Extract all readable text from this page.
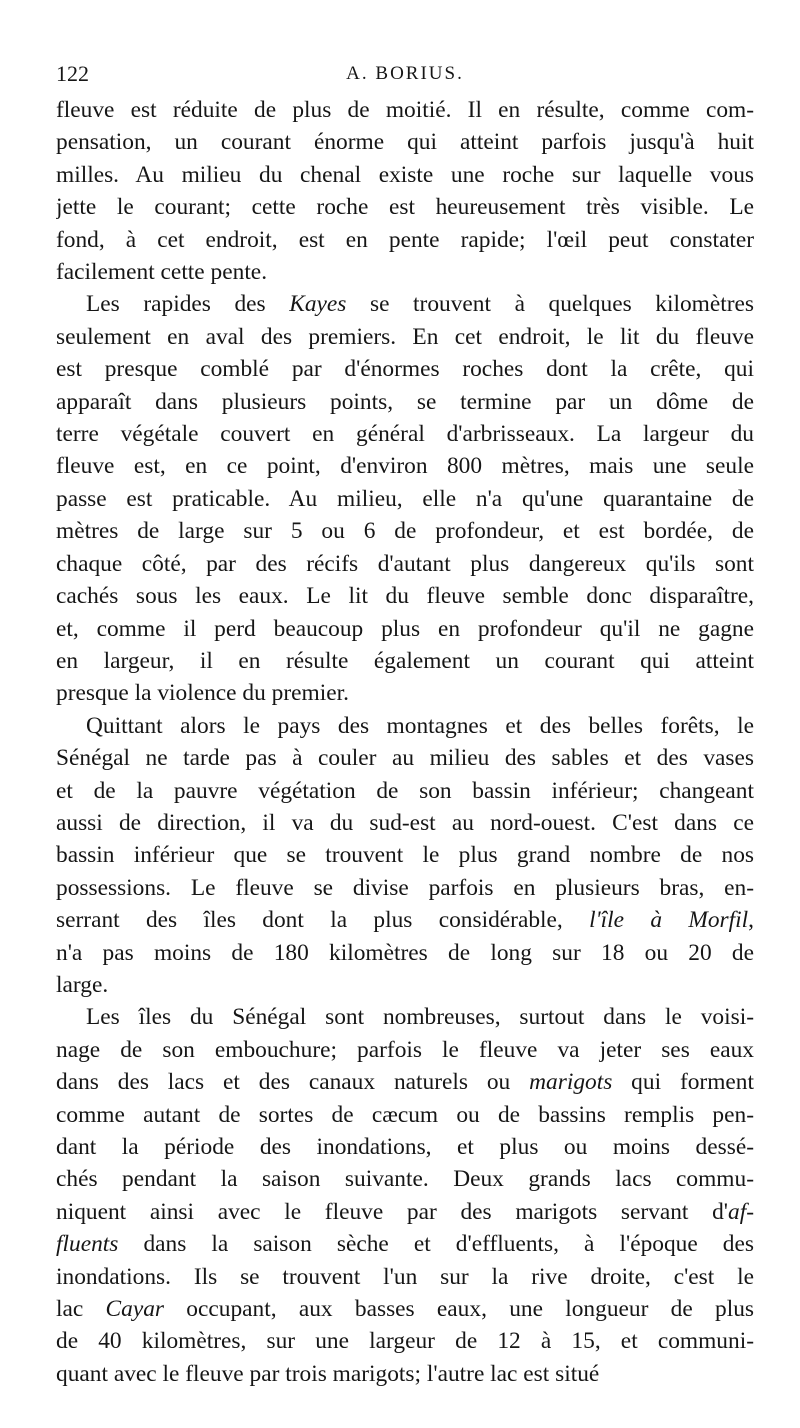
122	A. BORIUS.

fleuve est réduite de plus de moitié. Il en résulte, comme com-
pensation, un courant énorme qui atteint parfois jusqu'à huit
milles. Au milieu du chenal existe une roche sur laquelle vous
jette le courant; cette roche est heureusement très visible. Le
fond, à cet endroit, est en pente rapide; l'œil peut constater
facilement cette pente.

Les rapides des Kayes se trouvent à quelques kilomètres
seulement en aval des premiers. En cet endroit, le lit du fleuve
est presque comblé par d'énormes roches dont la crête, qui
apparaît dans plusieurs points, se termine par un dôme de
terre végétale couvert en général d'arbrisseaux. La largeur du
fleuve est, en ce point, d'environ 800 mètres, mais une seule
passe est praticable. Au milieu, elle n'a qu'une quarantaine de
mètres de large sur 5 ou 6 de profondeur, et est bordée, de
chaque côté, par des récifs d'autant plus dangereux qu'ils sont
cachés sous les eaux. Le lit du fleuve semble donc disparaître,
et, comme il perd beaucoup plus en profondeur qu'il ne gagne
en largeur, il en résulte également un courant qui atteint
presque la violence du premier.

Quittant alors le pays des montagnes et des belles forêts, le
Sénégal ne tarde pas à couler au milieu des sables et des vases
et de la pauvre végétation de son bassin inférieur; changeant
aussi de direction, il va du sud-est au nord-ouest. C'est dans ce
bassin inférieur que se trouvent le plus grand nombre de nos
possessions. Le fleuve se divise parfois en plusieurs bras, en-
serrant des îles dont la plus considérable, l'île à Morfil,
n'a pas moins de 180 kilomètres de long sur 18 ou 20 de
large.

Les îles du Sénégal sont nombreuses, surtout dans le voisi-
nage de son embouchure; parfois le fleuve va jeter ses eaux
dans des lacs et des canaux naturels ou marigots qui forment
comme autant de sortes de cæcum ou de bassins remplis pen-
dant la période des inondations, et plus ou moins dessé-
chés pendant la saison suivante. Deux grands lacs commu-
niquent ainsi avec le fleuve par des marigots servant d'af-
fluents dans la saison sèche et d'effluents, à l'époque des
inondations. Ils se trouvent l'un sur la rive droite, c'est le
lac Cayar occupant, aux basses eaux, une longueur de plus
de 40 kilomètres, sur une largeur de 12 à 15, et communi-
quant avec le fleuve par trois marigots; l'autre lac est situé
